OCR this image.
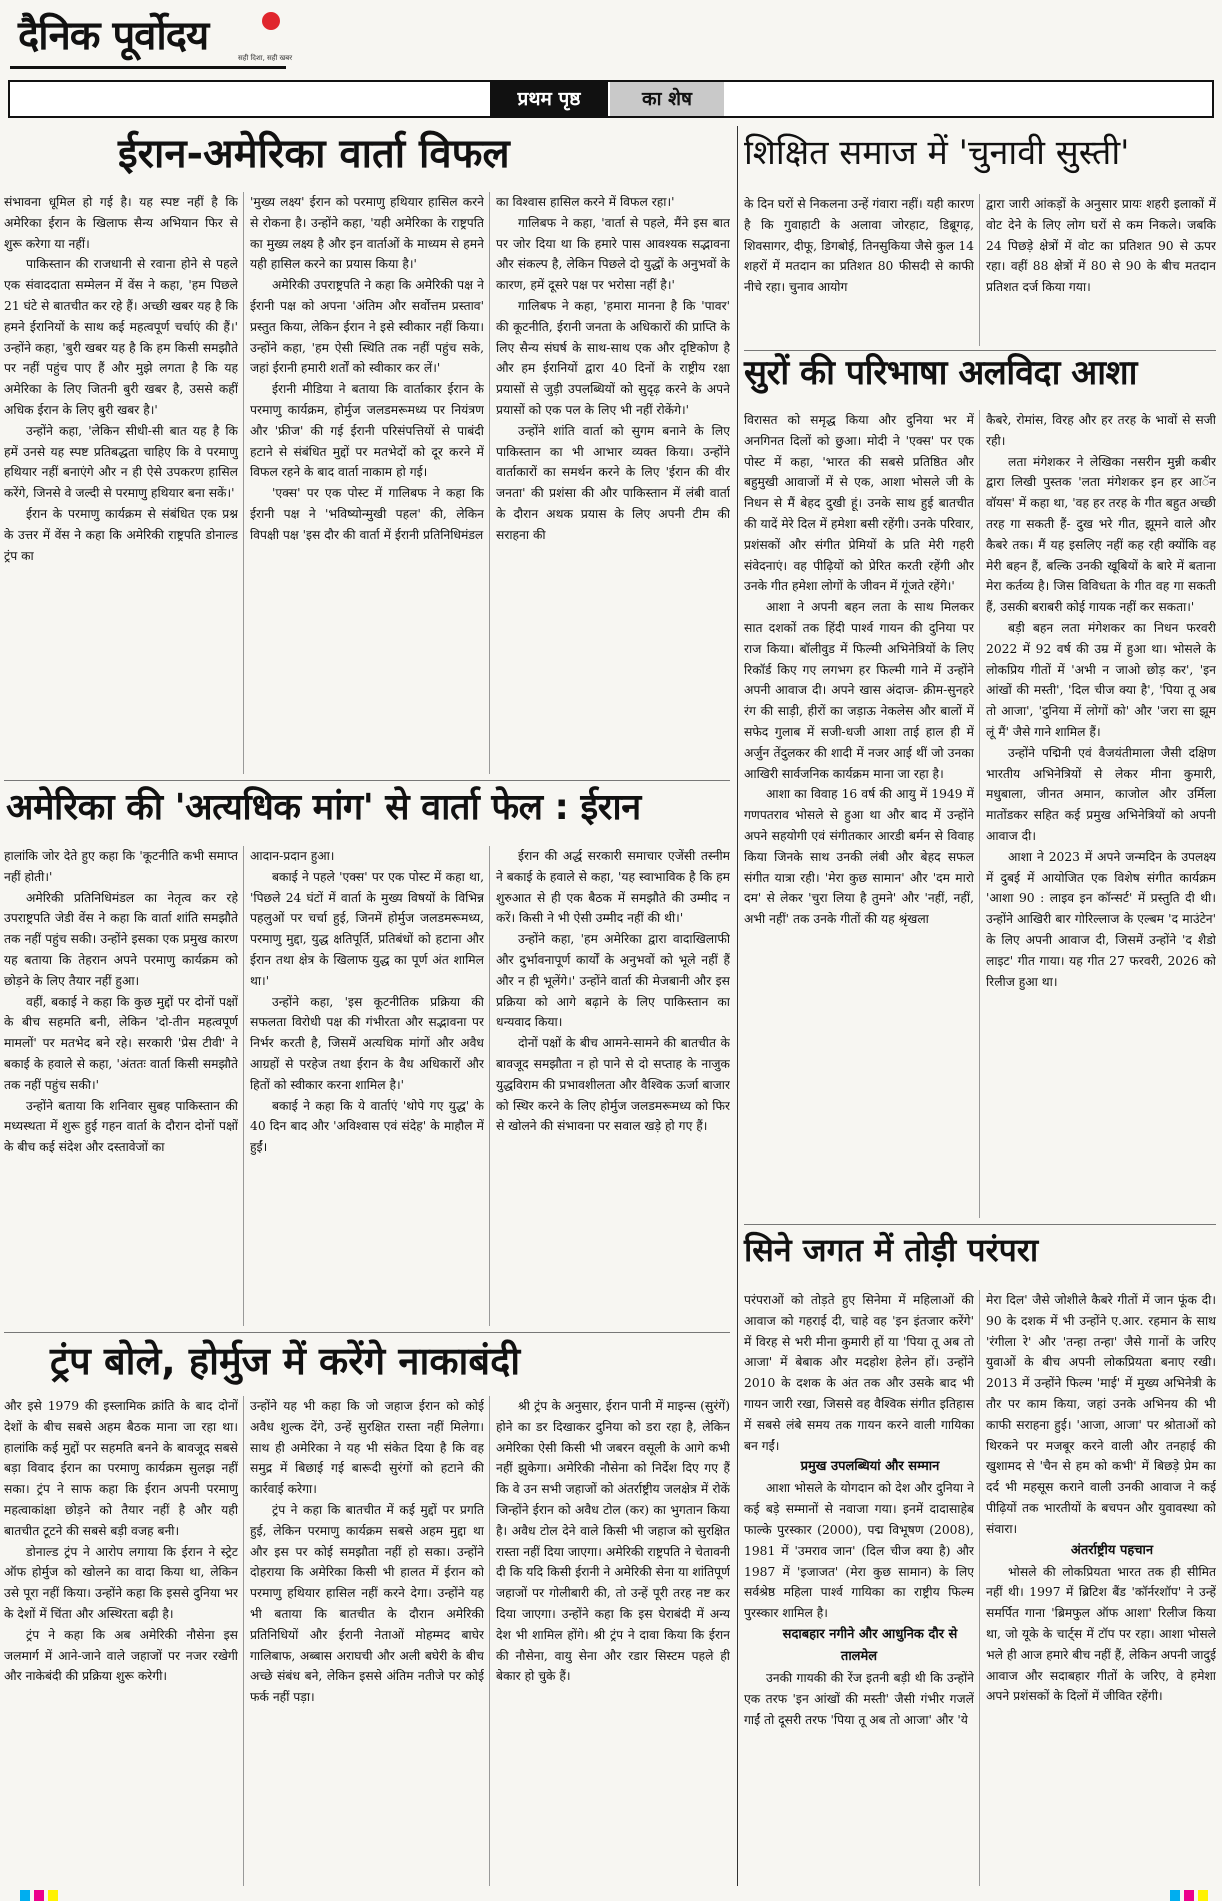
दैनिक पूर्वोदय	सही दिशा, सही खबर
प्रथम पृष्ठ	का शेष
ईरान-अमेरिका वार्ता विफल

संभावना धूमिल हो गई है। यह स्पष्ट नहीं है कि अमेरिका ईरान के खिलाफ सैन्य अभियान फिर से शुरू करेगा या नहीं।

पाकिस्तान की राजधानी से रवाना होने से पहले एक संवाददाता सम्मेलन में वेंस ने कहा, 'हम पिछले 21 घंटे से बातचीत कर रहे हैं। अच्छी खबर यह है कि हमने ईरानियों के साथ कई महत्वपूर्ण चर्चाएं की हैं।' उन्होंने कहा, 'बुरी खबर यह है कि हम किसी समझौते पर नहीं पहुंच पाए हैं और मुझे लगता है कि यह अमेरिका के लिए जितनी बुरी खबर है, उससे कहीं अधिक ईरान के लिए बुरी खबर है।'

उन्होंने कहा, 'लेकिन सीधी-सी बात यह है कि हमें उनसे यह स्पष्ट प्रतिबद्धता चाहिए कि वे परमाणु हथियार नहीं बनाएंगे और न ही ऐसे उपकरण हासिल करेंगे, जिनसे वे जल्दी से परमाणु हथियार बना सकें।'

ईरान के परमाणु कार्यक्रम से संबंधित एक प्रश्न के उत्तर में वेंस ने कहा कि अमेरिकी राष्ट्रपति डोनाल्ड ट्रंप का

'मुख्य लक्ष्य' ईरान को परमाणु हथियार हासिल करने से रोकना है। उन्होंने कहा, 'यही अमेरिका के राष्ट्रपति का मुख्य लक्ष्य है और इन वार्ताओं के माध्यम से हमने यही हासिल करने का प्रयास किया है।'

अमेरिकी उपराष्ट्रपति ने कहा कि अमेरिकी पक्ष ने ईरानी पक्ष को अपना 'अंतिम और सर्वोत्तम प्रस्ताव' प्रस्तुत किया, लेकिन ईरान ने इसे स्वीकार नहीं किया। उन्होंने कहा, 'हम ऐसी स्थिति तक नहीं पहुंच सके, जहां ईरानी हमारी शर्तों को स्वीकार कर लें।'

ईरानी मीडिया ने बताया कि वार्ताकार ईरान के परमाणु कार्यक्रम, होर्मुज जलडमरूमध्य पर नियंत्रण और 'फ्रीज' की गई ईरानी परिसंपत्तियों से पाबंदी हटाने से संबंधित मुद्दों पर मतभेदों को दूर करने में विफल रहने के बाद वार्ता नाकाम हो गई।

'एक्स' पर एक पोस्ट में गालिबफ ने कहा कि ईरानी पक्ष ने 'भविष्योन्मुखी पहल' की, लेकिन विपक्षी पक्ष 'इस दौर की वार्ता में ईरानी प्रतिनिधिमंडल

का विश्वास हासिल करने में विफल रहा।'

गालिबफ ने कहा, 'वार्ता से पहले, मैंने इस बात पर जोर दिया था कि हमारे पास आवश्यक सद्भावना और संकल्प है, लेकिन पिछले दो युद्धों के अनुभवों के कारण, हमें दूसरे पक्ष पर भरोसा नहीं है।'

गालिबफ ने कहा, 'हमारा मानना है कि 'पावर' की कूटनीति, ईरानी जनता के अधिकारों की प्राप्ति के लिए सैन्य संघर्ष के साथ-साथ एक और दृष्टिकोण है और हम ईरानियों द्वारा 40 दिनों के राष्ट्रीय रक्षा प्रयासों से जुड़ी उपलब्धियों को सुदृढ़ करने के अपने प्रयासों को एक पल के लिए भी नहीं रोकेंगे।'

उन्होंने शांति वार्ता को सुगम बनाने के लिए पाकिस्तान का भी आभार व्यक्त किया। उन्होंने वार्ताकारों का समर्थन करने के लिए 'ईरान की वीर जनता' की प्रशंसा की और पाकिस्तान में लंबी वार्ता के दौरान अथक प्रयास के लिए अपनी टीम की सराहना की

अमेरिका की 'अत्यधिक मांग' से वार्ता फेल : ईरान

हालांकि जोर देते हुए कहा कि 'कूटनीति कभी समाप्त नहीं होती।'

अमेरिकी प्रतिनिधिमंडल का नेतृत्व कर रहे उपराष्ट्रपति जेडी वेंस ने कहा कि वार्ता शांति समझौते तक नहीं पहुंच सकी। उन्होंने इसका एक प्रमुख कारण यह बताया कि तेहरान अपने परमाणु कार्यक्रम को छोड़ने के लिए तैयार नहीं हुआ।

वहीं, बकाई ने कहा कि कुछ मुद्दों पर दोनों पक्षों के बीच सहमति बनी, लेकिन 'दो-तीन महत्वपूर्ण मामलों' पर मतभेद बने रहे। सरकारी 'प्रेस टीवी' ने बकाई के हवाले से कहा, 'अंततः वार्ता किसी समझौते तक नहीं पहुंच सकी।'

उन्होंने बताया कि शनिवार सुबह पाकिस्तान की मध्यस्थता में शुरू हुई गहन वार्ता के दौरान दोनों पक्षों के बीच कई संदेश और दस्तावेजों का

आदान-प्रदान हुआ।

बकाई ने पहले 'एक्स' पर एक पोस्ट में कहा था, 'पिछले 24 घंटों में वार्ता के मुख्य विषयों के विभिन्न पहलुओं पर चर्चा हुई, जिनमें होर्मुज जलडमरूमध्य, परमाणु मुद्दा, युद्ध क्षतिपूर्ति, प्रतिबंधों को हटाना और ईरान तथा क्षेत्र के खिलाफ युद्ध का पूर्ण अंत शामिल था।'

उन्होंने कहा, 'इस कूटनीतिक प्रक्रिया की सफलता विरोधी पक्ष की गंभीरता और सद्भावना पर निर्भर करती है, जिसमें अत्यधिक मांगों और अवैध आग्रहों से परहेज तथा ईरान के वैध अधिकारों और हितों को स्वीकार करना शामिल है।'

बकाई ने कहा कि ये वार्ताएं 'थोपे गए युद्ध' के 40 दिन बाद और 'अविश्वास एवं संदेह' के माहौल में हुईं।

ईरान की अर्द्ध सरकारी समाचार एजेंसी तस्नीम ने बकाई के हवाले से कहा, 'यह स्वाभाविक है कि हम शुरुआत से ही एक बैठक में समझौते की उम्मीद न करें। किसी ने भी ऐसी उम्मीद नहीं की थी।'

उन्होंने कहा, 'हम अमेरिका द्वारा वादाखिलाफी और दुर्भावनापूर्ण कार्यों के अनुभवों को भूले नहीं हैं और न ही भूलेंगे।' उन्होंने वार्ता की मेजबानी और इस प्रक्रिया को आगे बढ़ाने के लिए पाकिस्तान का धन्यवाद किया।

दोनों पक्षों के बीच आमने-सामने की बातचीत के बावजूद समझौता न हो पाने से दो सप्ताह के नाजुक युद्धविराम की प्रभावशीलता और वैश्विक ऊर्जा बाजार को स्थिर करने के लिए होर्मुज जलडमरूमध्य को फिर से खोलने की संभावना पर सवाल खड़े हो गए हैं।

ट्रंप बोले, होर्मुज में करेंगे नाकाबंदी

और इसे 1979 की इस्लामिक क्रांति के बाद दोनों देशों के बीच सबसे अहम बैठक माना जा रहा था। हालांकि कई मुद्दों पर सहमति बनने के बावजूद सबसे बड़ा विवाद ईरान का परमाणु कार्यक्रम सुलझ नहीं सका। ट्रंप ने साफ कहा कि ईरान अपनी परमाणु महत्वाकांक्षा छोड़ने को तैयार नहीं है और यही बातचीत टूटने की सबसे बड़ी वजह बनी।

डोनाल्ड ट्रंप ने आरोप लगाया कि ईरान ने स्ट्रेट ऑफ होर्मुज को खोलने का वादा किया था, लेकिन उसे पूरा नहीं किया। उन्होंने कहा कि इससे दुनिया भर के देशों में चिंता और अस्थिरता बढ़ी है।

ट्रंप ने कहा कि अब अमेरिकी नौसेना इस जलमार्ग में आने-जाने वाले जहाजों पर नजर रखेगी और नाकेबंदी की प्रक्रिया शुरू करेगी।

उन्होंने यह भी कहा कि जो जहाज ईरान को कोई अवैध शुल्क देंगे, उन्हें सुरक्षित रास्ता नहीं मिलेगा। साथ ही अमेरिका ने यह भी संकेत दिया है कि वह समुद्र में बिछाई गई बारूदी सुरंगों को हटाने की कार्रवाई करेगा।

ट्रंप ने कहा कि बातचीत में कई मुद्दों पर प्रगति हुई, लेकिन परमाणु कार्यक्रम सबसे अहम मुद्दा था और इस पर कोई समझौता नहीं हो सका। उन्होंने दोहराया कि अमेरिका किसी भी हालत में ईरान को परमाणु हथियार हासिल नहीं करने देगा। उन्होंने यह भी बताया कि बातचीत के दौरान अमेरिकी प्रतिनिधियों और ईरानी नेताओं मोहम्मद बाघेर गालिबाफ, अब्बास अराघची और अली बघेरी के बीच अच्छे संबंध बने, लेकिन इससे अंतिम नतीजे पर कोई फर्क नहीं पड़ा।

श्री ट्रंप के अनुसार, ईरान पानी में माइन्स (सुरंगें) होने का डर दिखाकर दुनिया को डरा रहा है, लेकिन अमेरिका ऐसी किसी भी जबरन वसूली के आगे कभी नहीं झुकेगा। अमेरिकी नौसेना को निर्देश दिए गए हैं कि वे उन सभी जहाजों को अंतर्राष्ट्रीय जलक्षेत्र में रोकें जिन्होंने ईरान को अवैध टोल (कर) का भुगतान किया है। अवैध टोल देने वाले किसी भी जहाज को सुरक्षित रास्ता नहीं दिया जाएगा। अमेरिकी राष्ट्रपति ने चेतावनी दी कि यदि किसी ईरानी ने अमेरिकी सेना या शांतिपूर्ण जहाजों पर गोलीबारी की, तो उन्हें पूरी तरह नष्ट कर दिया जाएगा। उन्होंने कहा कि इस घेराबंदी में अन्य देश भी शामिल होंगे। श्री ट्रंप ने दावा किया कि ईरान की नौसेना, वायु सेना और रडार सिस्टम पहले ही बेकार हो चुके हैं।

शिक्षित समाज में 'चुनावी सुस्ती'

के दिन घरों से निकलना उन्हें गंवारा नहीं। यही कारण है कि गुवाहाटी के अलावा जोरहाट, डिब्रूगढ़, शिवसागर, दीफू, डिगबोई, तिनसुकिया जैसे कुल 14 शहरों में मतदान का प्रतिशत 80 फीसदी से काफी नीचे रहा। चुनाव आयोग

द्वारा जारी आंकड़ों के अनुसार प्रायः शहरी इलाकों में वोट देने के लिए लोग घरों से कम निकले। जबकि 24 पिछड़े क्षेत्रों में वोट का प्रतिशत 90 से ऊपर रहा। वहीं 88 क्षेत्रों में 80 से 90 के बीच मतदान प्रतिशत दर्ज किया गया।

सुरों की परिभाषा अलविदा आशा

विरासत को समृद्ध किया और दुनिया भर में अनगिनत दिलों को छुआ। मोदी ने 'एक्स' पर एक पोस्ट में कहा, 'भारत की सबसे प्रतिष्ठित और बहुमुखी आवाजों में से एक, आशा भोसले जी के निधन से मैं बेहद दुखी हूं। उनके साथ हुई बातचीत की यादें मेरे दिल में हमेशा बसी रहेंगी। उनके परिवार, प्रशंसकों और संगीत प्रेमियों के प्रति मेरी गहरी संवेदनाएं। वह पीढ़ियों को प्रेरित करती रहेंगी और उनके गीत हमेशा लोगों के जीवन में गूंजते रहेंगे।'

आशा ने अपनी बहन लता के साथ मिलकर सात दशकों तक हिंदी पार्श्व गायन की दुनिया पर राज किया। बॉलीवुड में फिल्मी अभिनेत्रियों के लिए रिकॉर्ड किए गए लगभग हर फिल्मी गाने में उन्होंने अपनी आवाज दी। अपने खास अंदाज- क्रीम-सुनहरे रंग की साड़ी, हीरों का जड़ाऊ नेकलेस और बालों में सफेद गुलाब में सजी-धजी आशा ताई हाल ही में अर्जुन तेंदुलकर की शादी में नजर आई थीं जो उनका आखिरी सार्वजनिक कार्यक्रम माना जा रहा है।

आशा का विवाह 16 वर्ष की आयु में 1949 में गणपतराव भोसले से हुआ था और बाद में उन्होंने अपने सहयोगी एवं संगीतकार आरडी बर्मन से विवाह किया जिनके साथ उनकी लंबी और बेहद सफल संगीत यात्रा रही। 'मेरा कुछ सामान' और 'दम मारो दम' से लेकर 'चुरा लिया है तुमने' और 'नहीं, नहीं, अभी नहीं' तक उनके गीतों की यह श्रृंखला

कैबरे, रोमांस, विरह और हर तरह के भावों से सजी रही।

लता मंगेशकर ने लेखिका नसरीन मुन्नी कबीर द्वारा लिखी पुस्तक 'लता मंगेशकर इन हर आॅन वॉयस' में कहा था, 'वह हर तरह के गीत बहुत अच्छी तरह गा सकती हैं- दुख भरे गीत, झूमने वाले और कैबरे तक। मैं यह इसलिए नहीं कह रही क्योंकि वह मेरी बहन हैं, बल्कि उनकी खूबियों के बारे में बताना मेरा कर्तव्य है। जिस विविधता के गीत वह गा सकती हैं, उसकी बराबरी कोई गायक नहीं कर सकता।'

बड़ी बहन लता मंगेशकर का निधन फरवरी 2022 में 92 वर्ष की उम्र में हुआ था। भोसले के लोकप्रिय गीतों में 'अभी न जाओ छोड़ कर', 'इन आंखों की मस्ती', 'दिल चीज क्या है', 'पिया तू अब तो आजा', 'दुनिया में लोगों को' और 'जरा सा झूम लूं मैं' जैसे गाने शामिल हैं।

उन्होंने पद्मिनी एवं वैजयंतीमाला जैसी दक्षिण भारतीय अभिनेत्रियों से लेकर मीना कुमारी, मधुबाला, जीनत अमान, काजोल और उर्मिला मातोंडकर सहित कई प्रमुख अभिनेत्रियों को अपनी आवाज दी।

आशा ने 2023 में अपने जन्मदिन के उपलक्ष्य में दुबई में आयोजित एक विशेष संगीत कार्यक्रम 'आशा 90 : लाइव इन कॉन्सर्ट' में प्रस्तुति दी थी। उन्होंने आखिरी बार गोरिल्लाज के एल्बम 'द माउंटेन' के लिए अपनी आवाज दी, जिसमें उन्होंने 'द शैडो लाइट' गीत गाया। यह गीत 27 फरवरी, 2026 को रिलीज हुआ था।

सिने जगत में तोड़ी परंपरा

परंपराओं को तोड़ते हुए सिनेमा में महिलाओं की आवाज को गहराई दी, चाहे वह 'इन इंतजार करेंगे' में विरह से भरी मीना कुमारी हों या 'पिया तू अब तो आजा' में बेबाक और मदहोश हेलेन हों। उन्होंने 2010 के दशक के अंत तक और उसके बाद भी गायन जारी रखा, जिससे वह वैश्विक संगीत इतिहास में सबसे लंबे समय तक गायन करने वाली गायिका बन गईं।

प्रमुख उपलब्धियां और सम्मान

आशा भोसले के योगदान को देश और दुनिया ने कई बड़े सम्मानों से नवाजा गया। इनमें दादासाहेब फाल्के पुरस्कार (2000), पद्म विभूषण (2008), 1981 में 'उमराव जान' (दिल चीज क्या है) और 1987 में 'इजाजत' (मेरा कुछ सामान) के लिए सर्वश्रेष्ठ महिला पार्श्व गायिका का राष्ट्रीय फिल्म पुरस्कार शामिल है।

सदाबहार नगीने और आधुनिक दौर से तालमेल

उनकी गायकी की रेंज इतनी बड़ी थी कि उन्होंने एक तरफ 'इन आंखों की मस्ती' जैसी गंभीर गजलें गाईं तो दूसरी तरफ 'पिया तू अब तो आजा' और 'ये

मेरा दिल' जैसे जोशीले कैबरे गीतों में जान फूंक दी। 90 के दशक में भी उन्होंने ए.आर. रहमान के साथ 'रंगीला रे' और 'तन्हा तन्हा' जैसे गानों के जरिए युवाओं के बीच अपनी लोकप्रियता बनाए रखी। 2013 में उन्होंने फिल्म 'माई' में मुख्य अभिनेत्री के तौर पर काम किया, जहां उनके अभिनय की भी काफी सराहना हुई। 'आजा, आजा' पर श्रोताओं को थिरकने पर मजबूर करने वाली और तनहाई की खुशामद से 'चैन से हम को कभी' में बिछड़े प्रेम का दर्द भी महसूस कराने वाली उनकी आवाज ने कई पीढ़ियों तक भारतीयों के बचपन और युवावस्था को संवारा।

अंतर्राष्ट्रीय पहचान

भोसले की लोकप्रियता भारत तक ही सीमित नहीं थी। 1997 में ब्रिटिश बैंड 'कॉर्नरशॉप' ने उन्हें समर्पित गाना 'ब्रिमफुल ऑफ आशा' रिलीज किया था, जो यूके के चार्ट्स में टॉप पर रहा। आशा भोसले भले ही आज हमारे बीच नहीं हैं, लेकिन अपनी जादुई आवाज और सदाबहार गीतों के जरिए, वे हमेशा अपने प्रशंसकों के दिलों में जीवित रहेंगी।
